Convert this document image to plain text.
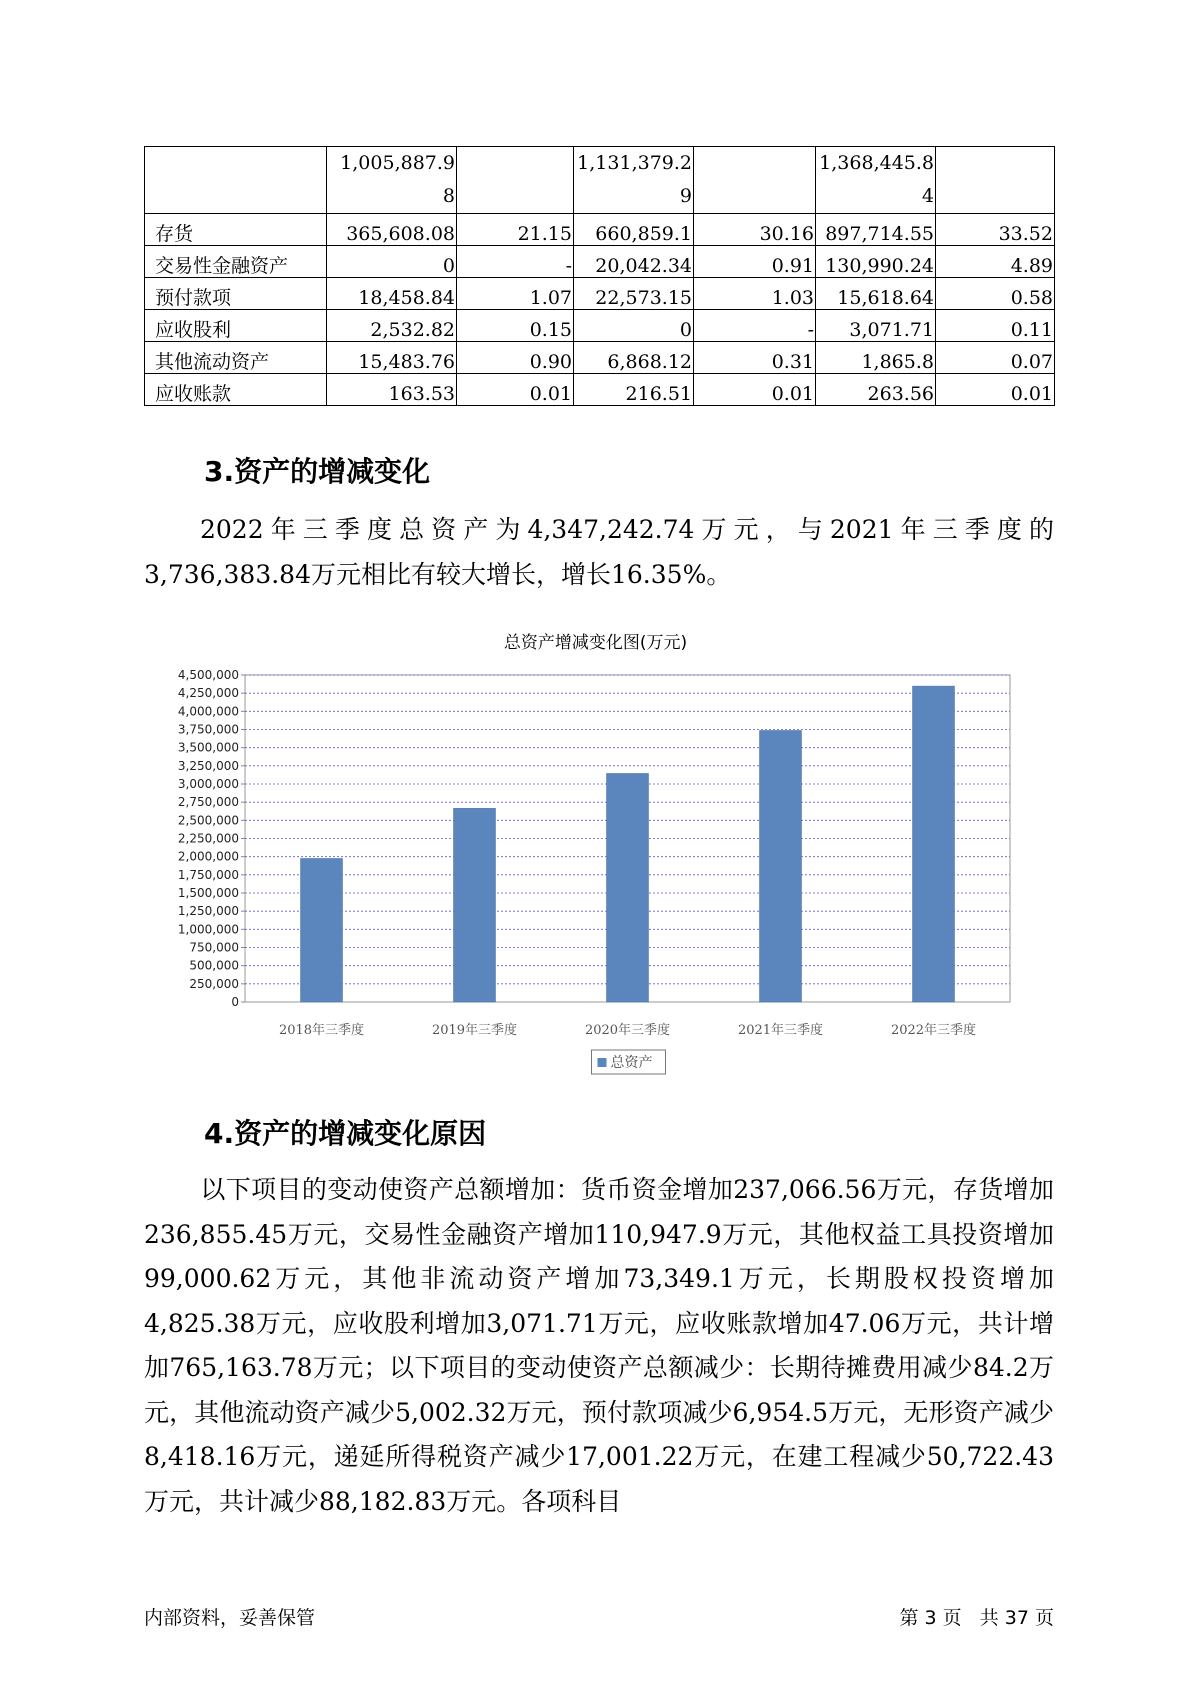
	1,005,887.98		1,131,379.29		1,368,445.84	
存货	365,608.08	21.15	660,859.1	30.16	897,714.55	33.52
交易性金融资产	0	-	20,042.34	0.91	130,990.24	4.89
预付款项	18,458.84	1.07	22,573.15	1.03	15,618.64	0.58
应收股利	2,532.82	0.15	0	-	3,071.71	0.11
其他流动资产	15,483.76	0.90	6,868.12	0.31	1,865.8	0.07
应收账款	163.53	0.01	216.51	0.01	263.56	0.01
3.资产的增减变化
2022年三季度总资产为4,347,242.74万元，与2021年三季度的3,736,383.84万元相比有较大增长，增长16.35%。
总资产增减变化图(万元)
0
250,000
500,000
750,000
1,000,000
1,250,000
1,500,000
1,750,000
2,000,000
2,250,000
2,500,000
2,750,000
3,000,000
3,250,000
3,500,000
3,750,000
4,000,000
4,250,000
4,500,000
2018年三季度	2019年三季度	2020年三季度	2021年三季度	2022年三季度
总资产
4.资产的增减变化原因
以下项目的变动使资产总额增加：货币资金增加237,066.56万元，存货增加236,855.45万元，交易性金融资产增加110,947.9万元，其他权益工具投资增加99,000.62万元，其他非流动资产增加73,349.1万元，长期股权投资增加4,825.38万元，应收股利增加3,071.71万元，应收账款增加47.06万元，共计增加765,163.78万元；以下项目的变动使资产总额减少：长期待摊费用减少84.2万元，其他流动资产减少5,002.32万元，预付款项减少6,954.5万元，无形资产减少8,418.16万元，递延所得税资产减少17,001.22万元，在建工程减少50,722.43万元，共计减少88,182.83万元。各项科目
内部资料，妥善保管	第 3 页   共 37 页
